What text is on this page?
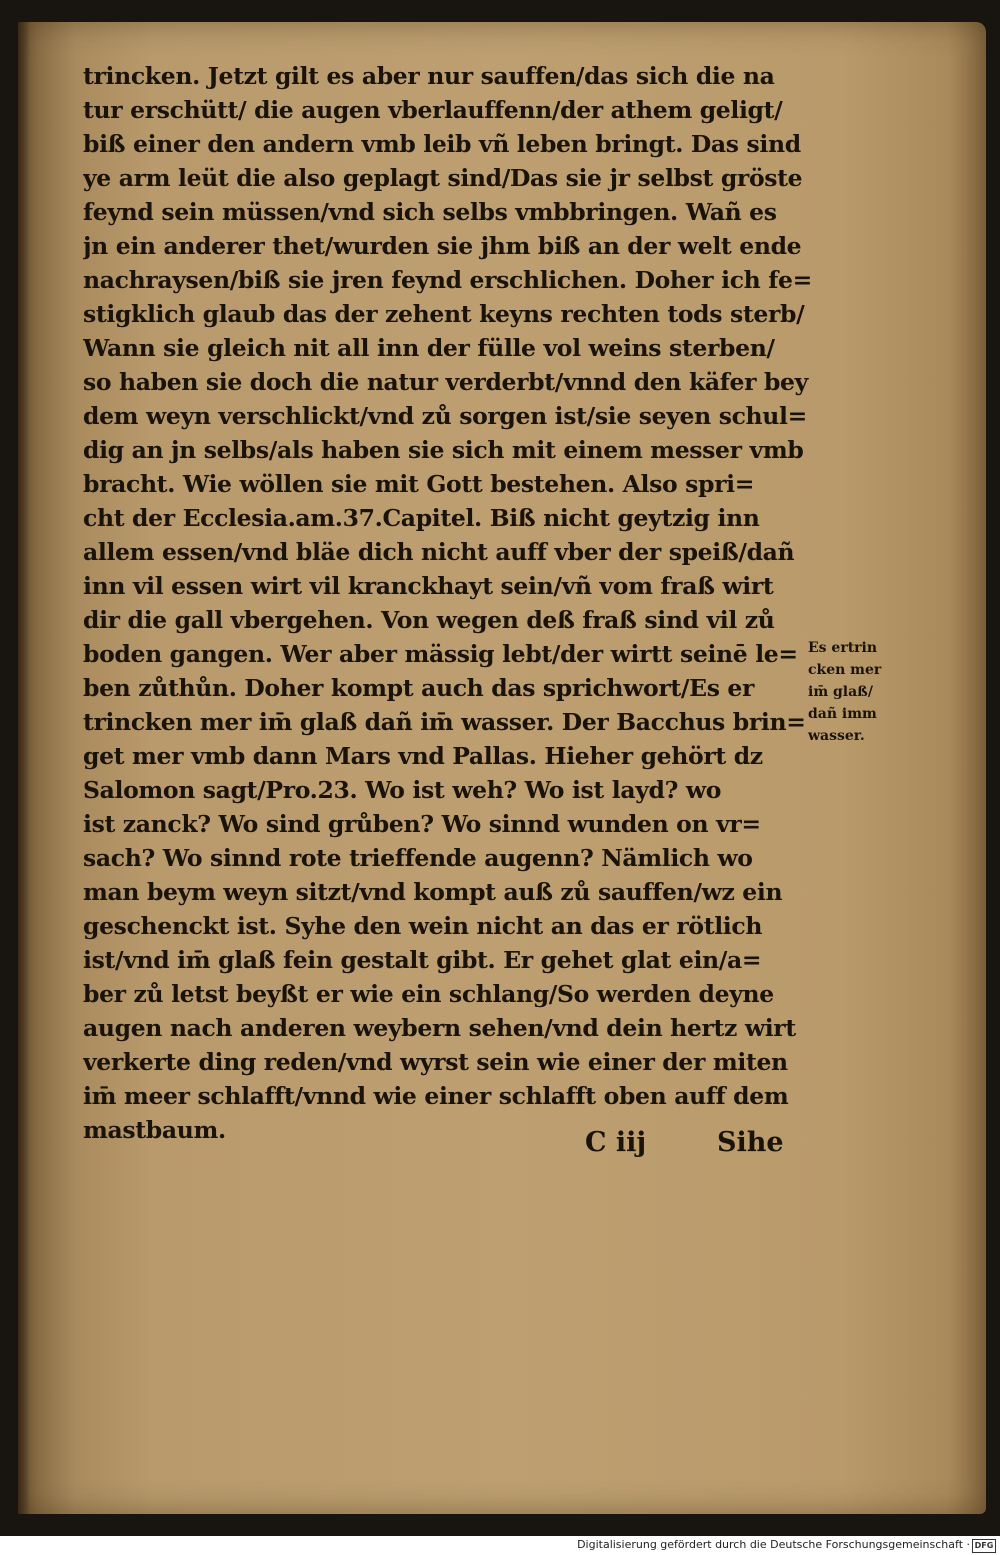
trincken. Jetzt gilt es aber nur sauffen/das sich die na
tur erschütt/ die augen vberlauffenn/der athem geligt/
biß einer den andern vmb leib vñ leben bringt. Das sind
ye arm leüt die also geplagt sind/Das sie jr selbst gröste
feynd sein müssen/vnd sich selbs vmbbringen. Wañ es
jn ein anderer thet/wurden sie jhm biß an der welt ende
nachraysen/biß sie jren feynd erschlichen. Doher ich fe=
stigklich glaub das der zehent keyns rechten tods sterb/
Wann sie gleich nit all inn der fülle vol weins sterben/
so haben sie doch die natur verderbt/vnnd den käfer bey
dem weyn verschlickt/vnd zů sorgen ist/sie seyen schul=
dig an jn selbs/als haben sie sich mit einem messer vmb
bracht. Wie wöllen sie mit Gott bestehen. Also spri=
cht der Ecclesia.am.37.Capitel. Biß nicht geytzig inn
allem essen/vnd bläe dich nicht auff vber der speiß/dañ
inn vil essen wirt vil kranckhayt sein/vñ vom fraß wirt
dir die gall vbergehen. Von wegen deß fraß sind vil zů
boden gangen. Wer aber mässig lebt/der wirtt seinē le=
ben zůthůn. Doher kompt auch das sprichwort/Es er
trincken mer im̄ glaß dañ im̄ wasser. Der Bacchus brin=
get mer vmb dann Mars vnd Pallas. Hieher gehört dz
Salomon sagt/Pro.23. Wo ist weh? Wo ist layd? wo
ist zanck? Wo sind grůben? Wo sinnd wunden on vr=
sach? Wo sinnd rote trieffende augenn? Nämlich wo
man beym weyn sitzt/vnd kompt auß zů sauffen/wz ein
geschenckt ist. Syhe den wein nicht an das er rötlich
ist/vnd im̄ glaß fein gestalt gibt. Er gehet glat ein/a=
ber zů letst beyßt er wie ein schlang/So werden deyne
augen nach anderen weybern sehen/vnd dein hertz wirt
verkerte ding reden/vnd wyrst sein wie einer der miten
im̄ meer schlafft/vnnd wie einer schlafft oben auff dem
mastbaum.
Es ertrin
cken mer
im̄ glaß/
dañ imm
wasser.
C iij	Sihe
Digitalisierung gefördert durch die Deutsche Forschungsgemeinschaft · DFG
